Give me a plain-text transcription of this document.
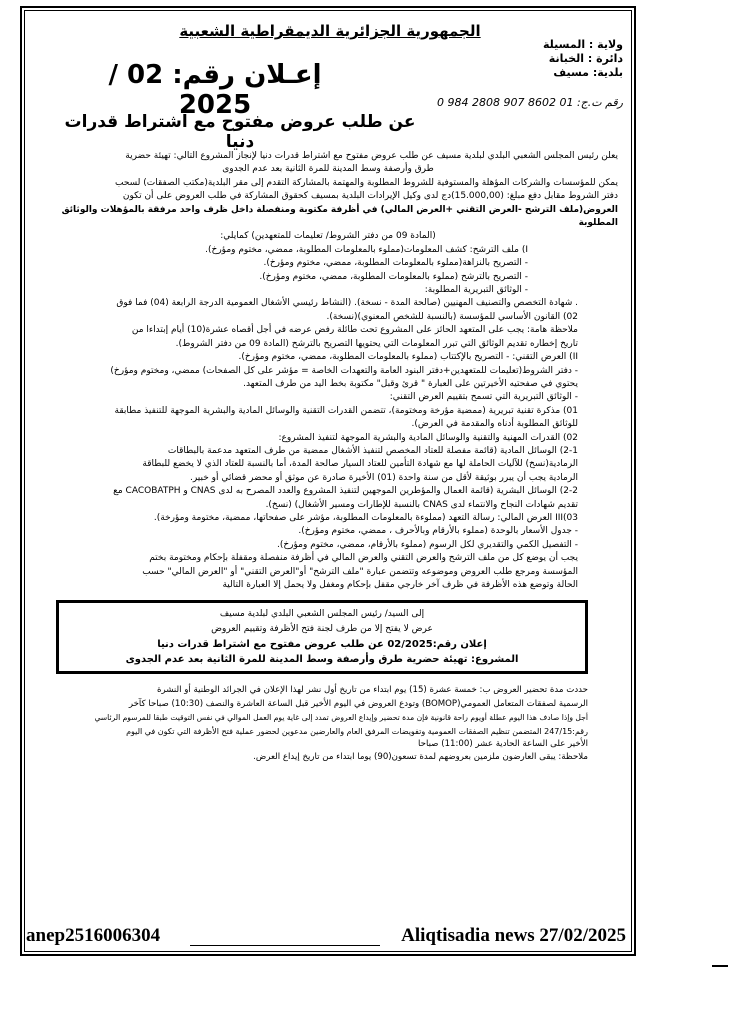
الجمهورية الجزائرية الديمقراطية الشعبية
ولاية : المسيلة
دائرة : الخبانة
بلدية: مسيف
إعـلان رقم: 02 / 2025	رقم ت.ج: 01 8602 907 2808 984 0
عن طلب عروض مفتوح مع اشتراط قدرات دنيا
يعلن رئيس المجلس الشعبي البلدي لبلدية مسيف عن طلب عروض مفتوح مع اشتراط قدرات دنيا لإنجاز المشروع التالي: تهيئة حضرية
طرق وأرصفة وسط المدينة للمرة الثانية بعد عدم الجدوى
يمكن للمؤسسات والشركات المؤهلة والمستوفية للشروط المطلوبة والمهتمة بالمشاركة التقدم إلى مقر البلدية(مكتب الصفقات) لسحب
دفتر الشروط مقابل دفع مبلغ: (15.000,00)دج لدى وكيل الإيرادات البلدية بمسيف كحقوق المشاركة في طلب العروض على أن تكون
العروض(ملف الترشح -العرض التقني +العرض المالي) في أظرفة مكتوبة ومنفصلة داخل ظرف واحد مرفقة بالمؤهلات والوثائق المطلوبة
(المادة 09 من دفتر الشروط/ تعليمات للمتعهدين) كمايلي:
I) ملف الترشح: كشف المعلومات(مملوء بالمعلومات المطلوبة، ممضي، مختوم ومؤرخ).
- التصريح بالنزاهة(مملوء بالمعلومات المطلوبة، ممضي، مختوم ومؤرخ).
- التصريح بالترشح (مملوء بالمعلومات المطلوبة، ممضي، مختوم ومؤرخ).
- الوثائق التبريرية المطلوبة:
. شهادة التخصص والتصنيف المهنيين (صالحة المدة - نسخة). (النشاط رئيسي الأشغال العمومية الدرجة الرابعة (04) فما فوق
02) القانون الأساسي للمؤسسة (بالنسبة للشخص المعنوي)(نسخة).
ملاحظة هامة: يجب على المتعهد الحائز على المشروع تحت طائلة رفض عرضه في أجل أقصاه عشرة(10) أيام إبتداءا من
تاريخ إخطاره تقديم الوثائق التي تبرر المعلومات التي يحتويها التصريح بالترشح (المادة 09 من دفتر الشروط).
II) العرض التقني: - التصريح بالإكتتاب (مملوء بالمعلومات المطلوبة، ممضي، مختوم ومؤرخ).
- دفتر الشروط(تعليمات للمتعهدين+دفتر البنود العامة والتعهدات الخاصة = مؤشر على كل الصفحات) ممضي، ومختوم ومؤرخ)
يحتوي في صفحتيه الأخيرتين على العبارة " قرئ وقبل" مكتوبة بخط اليد من طرف المتعهد.
- الوثائق التبريرية التي تسمح بتقييم العرض التقني:
01) مذكرة تقنية تبريرية (ممضية مؤرخة ومختومة)، تتضمن القدرات التقنية والوسائل المادية والبشرية الموجهة للتنفيذ مطابقة
للوثائق المطلوبة أدناه والمقدمة في العرض).
02) القدرات المهنية والتقنية والوسائل المادية والبشرية الموجهة لتنفيذ المشروع:
2-1) الوسائل المادية (قائمة مفصلة للعتاد المخصص لتنفيذ الأشغال ممضية من طرف المتعهد مدعمة بالبطاقات
الرمادية(نسخ) للآليات الحاملة لها مع شهادة التأمين للعتاد السيار صالحة المدة، أما بالنسبة للعتاد الذي لا يخضع للبطاقة
الرمادية يجب أن يبرر بوثيقة لأقل من سنة واحدة (01) الأخيرة صادرة عن موثق أو محضر قضائي أو خبير.
2-2) الوسائل البشرية (قائمة العمال والمؤطرين الموجهين لتنفيذ المشروع والعدد المصرح به لدى CNAS و CACOBATPH مع
تقديم شهادات النجاح والانتماء لدى CNAS بالنسبة للإطارات ومسير الأشغال) (نسخ).
III(03 العرض المالي: رسالة التعهد (مملوءة بالمعلومات المطلوبة، مؤشر على صفحاتها، ممضية، مختومة ومؤرخة).
- جدول الأسعار بالوحدة (مملوء بالأرقام وبالأحرف ، ممضي، مختوم ومؤرخ).
- التفصيل الكمي والتقديري لكل الرسوم (مملوء بالأرقام، ممضي، مختوم ومؤرخ).
يجب أن يوضع كل من ملف الترشح والعرض التقني والعرض المالي في أظرفة منفصلة ومقفلة بإحكام ومختومة بختم
المؤسسة ومرجع طلب العروض وموضوعه وتتضمن عبارة "ملف الترشح" أو"العرض التقني" أو "العرض المالي" حسب
الحالة وتوضع هذه الأظرفة في ظرف آخر خارجي مقفل بإحكام ومغفل ولا يحمل إلا العبارة التالية
إلى السيد/ رئيس المجلس الشعبي البلدي لبلدية مسيف
عرض لا يفتح إلا من طرف لجنة فتح الأظرفة وتقييم العروض
إعلان رقم:02/2025 عن طلب عروض مفتوح مع اشتراط قدرات دنيا
المشروع: تهيئة حضرية طرق وأرصفة وسط المدينة للمرة الثانية بعد عدم الجدوى
حددت مدة تحضير العروض ب: خمسة عشرة (15) يوم ابتداء من تاريخ أول نشر لهذا الإعلان في الجرائد الوطنية أو النشرة
الرسمية لصفقات المتعامل العمومي(BOMOP) وتودع العروض في اليوم الأخير قبل الساعة العاشرة والنصف (10:30) صباحا كآخر
أجل وإذا صادف هذا اليوم عطلة أويوم راحة قانونية فإن مدة تحضير وإيداع العروض تمدد إلى غاية يوم العمل الموالي في نفس التوقيت طبقا للمرسوم الرئاسي
رقم:247/15 المتضمن تنظيم الصفقات العمومية وتفويضات المرفق العام والعارضين مدعوين لحضور عملية فتح الأظرفة التي تكون في اليوم
الأخير على الساعة الحادية عشر (11:00) صباحا
ملاحظة: يبقى العارضون ملزمين بعروضهم لمدة تسعون(90) يوما ابتداء من تاريخ إيداع العرض.
anep2516006304	Aliqtisadia news 27/02/2025
